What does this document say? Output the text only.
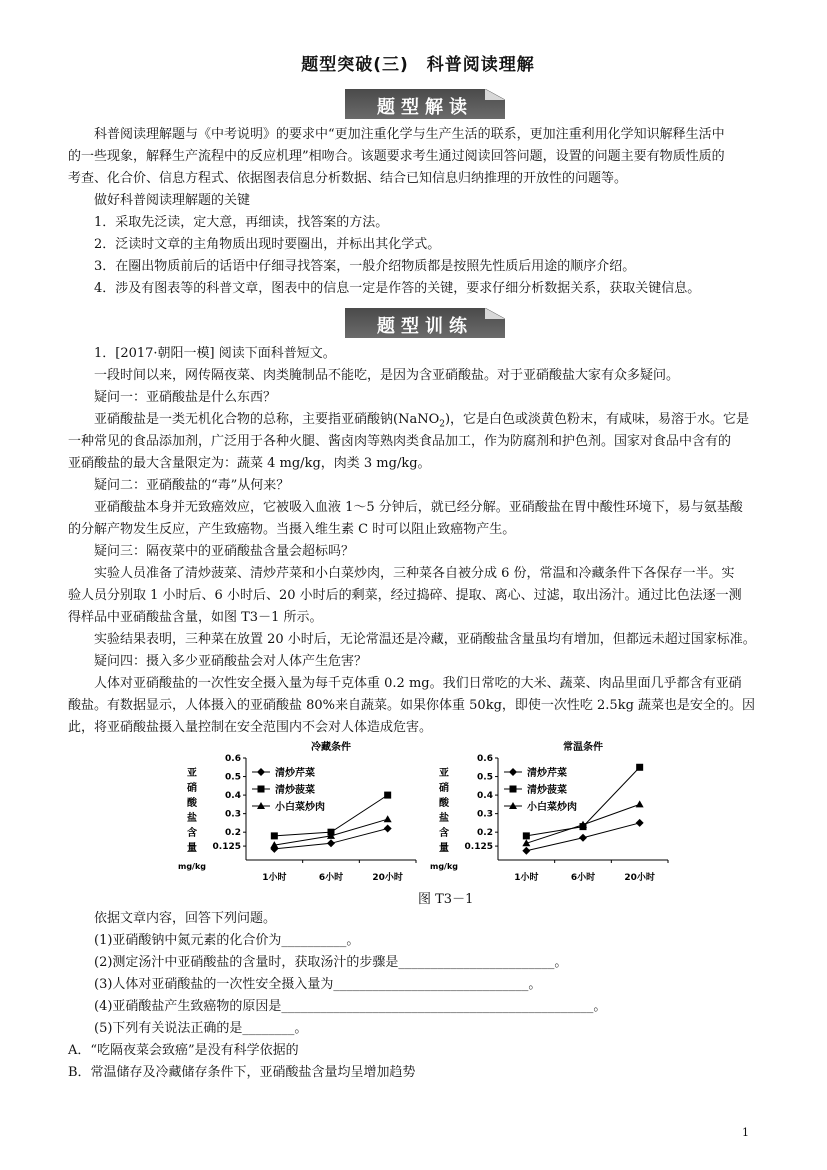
题型突破(三)　科普阅读理解
题型解读
科普阅读理解题与《中考说明》的要求中“更加注重化学与生产生活的联系，更加注重利用化学知识解释生活中
的一些现象，解释生产流程中的反应机理”相吻合。该题要求考生通过阅读回答问题，设置的问题主要有物质性质的
考查、化合价、信息方程式、依据图表信息分析数据、结合已知信息归纳推理的开放性的问题等。
做好科普阅读理解题的关键
1．采取先泛读，定大意，再细读，找答案的方法。
2．泛读时文章的主角物质出现时要圈出，并标出其化学式。
3．在圈出物质前后的话语中仔细寻找答案，一般介绍物质都是按照先性质后用途的顺序介绍。
4．涉及有图表等的科普文章，图表中的信息一定是作答的关键，要求仔细分析数据关系，获取关键信息。
题型训练
1．[2017·朝阳一模] 阅读下面科普短文。
一段时间以来，网传隔夜菜、肉类腌制品不能吃，是因为含亚硝酸盐。对于亚硝酸盐大家有众多疑问。
疑问一：亚硝酸盐是什么东西？
亚硝酸盐是一类无机化合物的总称，主要指亚硝酸钠(NaNO$_2$)，它是白色或淡黄色粉末，有咸味，易溶于水。它是
一种常见的食品添加剂，广泛用于各种火腿、酱卤肉等熟肉类食品加工，作为防腐剂和护色剂。国家对食品中含有的
亚硝酸盐的最大含量限定为：蔬菜 4 mg/kg，肉类 3 mg/kg。
疑问二：亚硝酸盐的“毒”从何来？
亚硝酸盐本身并无致癌效应，它被吸入血液 1～5 分钟后，就已经分解。亚硝酸盐在胃中酸性环境下，易与氨基酸
的分解产物发生反应，产生致癌物。当摄入维生素 C 时可以阻止致癌物产生。
疑问三：隔夜菜中的亚硝酸盐含量会超标吗？
实验人员准备了清炒菠菜、清炒芹菜和小白菜炒肉，三种菜各自被分成 6 份，常温和冷藏条件下各保存一半。实
验人员分别取 1 小时后、6 小时后、20 小时后的剩菜，经过捣碎、提取、离心、过滤，取出汤汁。通过比色法逐一测
得样品中亚硝酸盐含量，如图 T3－1 所示。
实验结果表明，三种菜在放置 20 小时后，无论常温还是冷藏，亚硝酸盐含量虽均有增加，但都远未超过国家标准。
疑问四：摄入多少亚硝酸盐会对人体产生危害？
人体对亚硝酸盐的一次性安全摄入量为每千克体重 0.2 mg。我们日常吃的大米、蔬菜、肉品里面几乎都含有亚硝
酸盐。有数据显示，人体摄入的亚硝酸盐 80%来自蔬菜。如果你体重 50kg，即使一次性吃 2.5kg 蔬菜也是安全的。因
此，将亚硝酸盐摄入量控制在安全范围内不会对人体造成危害。
冷藏条件
亚
硝
酸
盐
含
量
mg/kg
0.125
0.2
0.3
0.4
0.5
0.6
1小时	6小时	20小时
清炒芹菜
清炒菠菜
小白菜炒肉
常温条件
亚
硝
酸
盐
含
量
mg/kg
0.125
0.2
0.3
0.4
0.5
0.6
1小时	6小时	20小时
清炒芹菜
清炒菠菜
小白菜炒肉
图 T3－1
依据文章内容，回答下列问题。
(1)亚硝酸钠中氮元素的化合价为__________。
(2)测定汤汁中亚硝酸盐的含量时，获取汤汁的步骤是________________________。
(3)人体对亚硝酸盐的一次性安全摄入量为______________________________。
(4)亚硝酸盐产生致癌物的原因是________________________________________________。
(5)下列有关说法正确的是________。
A．“吃隔夜菜会致癌”是没有科学依据的
B．常温储存及冷藏储存条件下，亚硝酸盐含量均呈增加趋势
1
